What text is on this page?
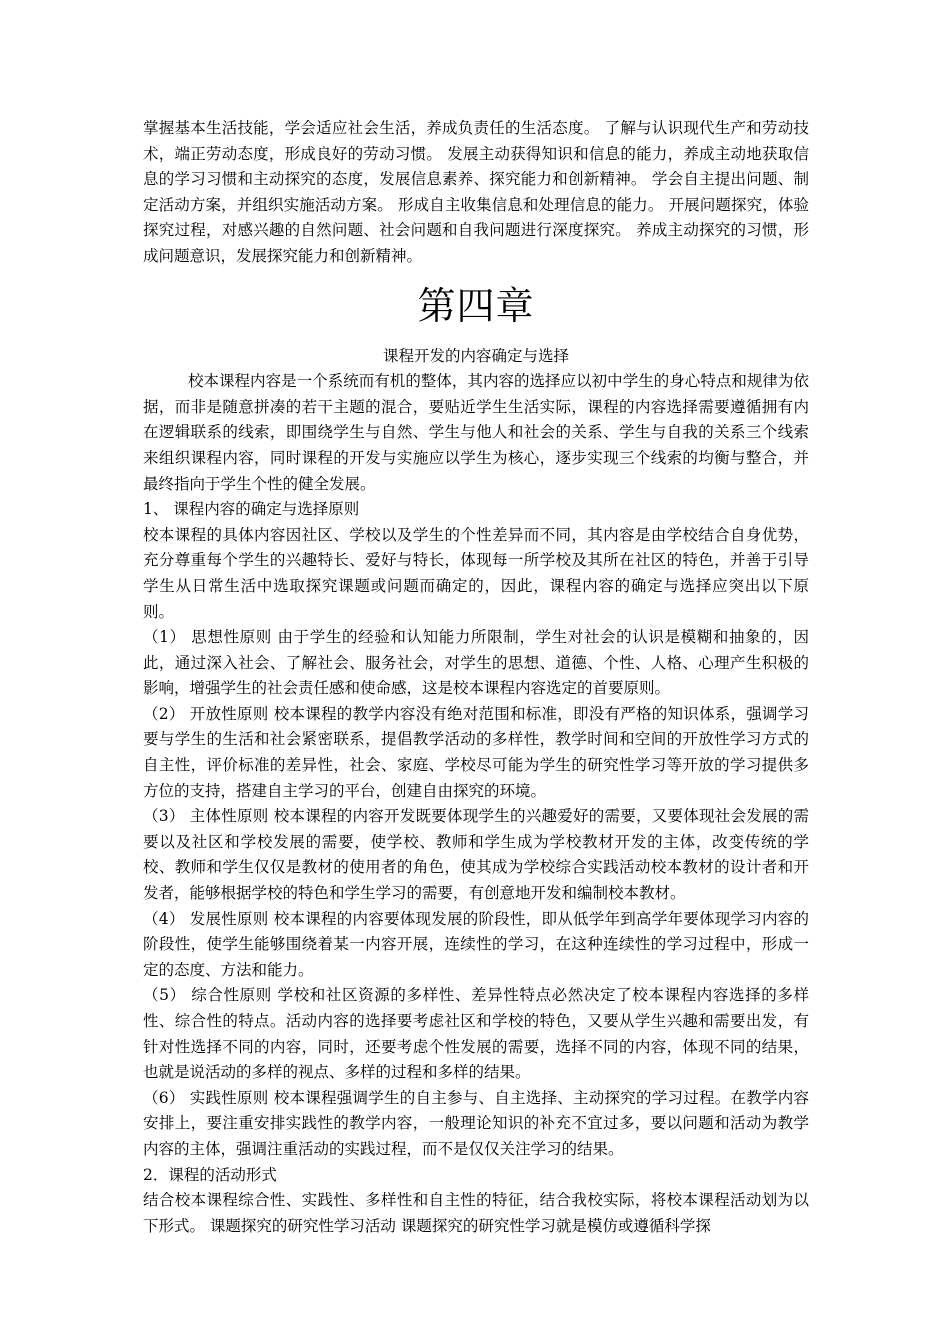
掌握基本生活技能，学会适应社会生活，养成负责任的生活态度。 了解与认识现代生产和劳动技术，端正劳动态度，形成良好的劳动习惯。 发展主动获得知识和信息的能力，养成主动地获取信息的学习习惯和主动探究的态度，发展信息素养、探究能力和创新精神。 学会自主提出问题、制定活动方案，并组织实施活动方案。 形成自主收集信息和处理信息的能力。 开展问题探究，体验探究过程，对感兴趣的自然问题、社会问题和自我问题进行深度探究。 养成主动探究的习惯，形成问题意识，发展探究能力和创新精神。

第四章

课程开发的内容确定与选择

校本课程内容是一个系统而有机的整体，其内容的选择应以初中学生的身心特点和规律为依据，而非是随意拼凑的若干主题的混合，要贴近学生生活实际，课程的内容选择需要遵循拥有内在逻辑联系的线索，即围绕学生与自然、学生与他人和社会的关系、学生与自我的关系三个线索来组织课程内容，同时课程的开发与实施应以学生为核心，逐步实现三个线索的均衡与整合，并最终指向于学生个性的健全发展。

1、 课程内容的确定与选择原则

校本课程的具体内容因社区、学校以及学生的个性差异而不同，其内容是由学校结合自身优势，充分尊重每个学生的兴趣特长、爱好与特长，体现每一所学校及其所在社区的特色，并善于引导学生从日常生活中选取探究课题或问题而确定的，因此，课程内容的确定与选择应突出以下原则。

（1） 思想性原则 由于学生的经验和认知能力所限制，学生对社会的认识是模糊和抽象的，因此，通过深入社会、了解社会、服务社会，对学生的思想、道德、个性、人格、心理产生积极的影响，增强学生的社会责任感和使命感，这是校本课程内容选定的首要原则。

（2） 开放性原则 校本课程的教学内容没有绝对范围和标准，即没有严格的知识体系，强调学习要与学生的生活和社会紧密联系，提倡教学活动的多样性，教学时间和空间的开放性学习方式的自主性，评价标准的差异性，社会、家庭、学校尽可能为学生的研究性学习等开放的学习提供多方位的支持，搭建自主学习的平台，创建自由探究的环境。

（3） 主体性原则 校本课程的内容开发既要体现学生的兴趣爱好的需要，又要体现社会发展的需要以及社区和学校发展的需要，使学校、教师和学生成为学校教材开发的主体，改变传统的学校、教师和学生仅仅是教材的使用者的角色，使其成为学校综合实践活动校本教材的设计者和开发者，能够根据学校的特色和学生学习的需要，有创意地开发和编制校本教材。

（4） 发展性原则 校本课程的内容要体现发展的阶段性，即从低学年到高学年要体现学习内容的阶段性，使学生能够围绕着某一内容开展，连续性的学习，在这种连续性的学习过程中，形成一定的态度、方法和能力。

（5） 综合性原则 学校和社区资源的多样性、差异性特点必然决定了校本课程内容选择的多样性、综合性的特点。活动内容的选择要考虑社区和学校的特色，又要从学生兴趣和需要出发，有针对性选择不同的内容，同时，还要考虑个性发展的需要，选择不同的内容，体现不同的结果，也就是说活动的多样的视点、多样的过程和多样的结果。

（6） 实践性原则 校本课程强调学生的自主参与、自主选择、主动探究的学习过程。在教学内容安排上，要注重安排实践性的教学内容，一般理论知识的补充不宜过多，要以问题和活动为教学内容的主体，强调注重活动的实践过程，而不是仅仅关注学习的结果。

2．课程的活动形式

结合校本课程综合性、实践性、多样性和自主性的特征，结合我校实际，将校本课程活动划为以下形式。 课题探究的研究性学习活动 课题探究的研究性学习就是模仿或遵循科学探
